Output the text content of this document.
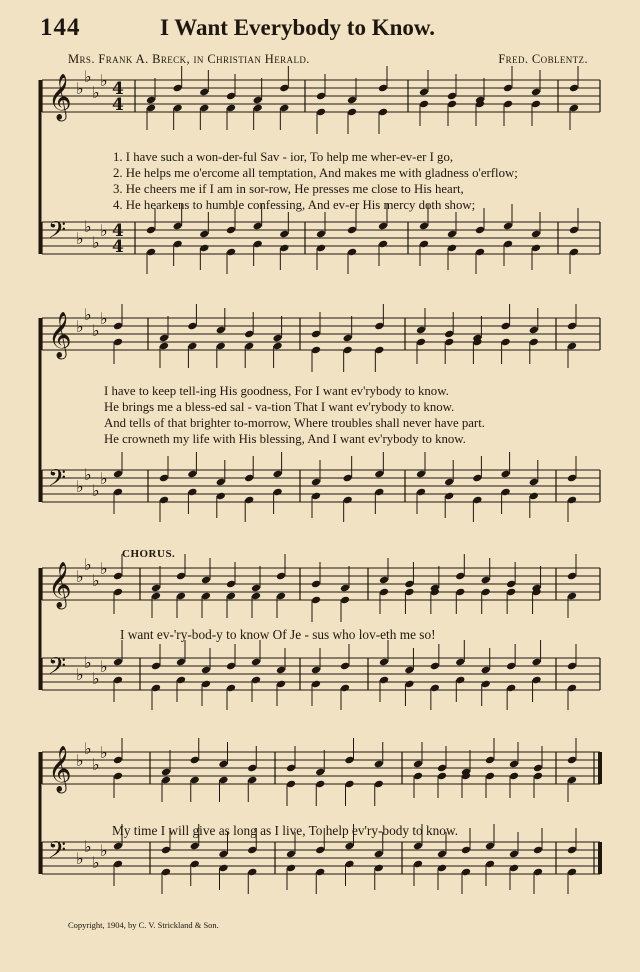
144	I Want Everybody to Know.
Mrs. Frank A. Breck, in Christian Herald.	Fred. Coblentz.
𝄞 ♭
♭
♭
♭ 4
4
𝄢 ♭
♭
♭
♭ 4
4
1. I have such a won-der-ful Sav - ior, To help me wher-ev-er I go,
2. He helps me o'ercome all temptation, And makes me with gladness o'erflow;
3. He cheers me if I am in sor-row, He presses me close to His heart,
4. He hearkens to humble confessing, And ev-er His mercy doth show;
𝄞 ♭
♭
♭
♭
𝄢 ♭
♭
♭
♭
I have to keep tell-ing His goodness, For I want ev'rybody to know.
He brings me a bless-ed sal - va-tion That I want ev'rybody to know.
And tells of that brighter to-morrow, Where troubles shall never have part.
He crowneth my life with His blessing, And I want ev'rybody to know.
CHORUS.
𝄞 ♭
♭
♭
♭
𝄢 ♭
♭
♭
♭
I want ev-'ry-bod-y to know Of Je - sus who lov-eth me so!
𝄞 ♭
♭
♭
♭
𝄢 ♭
♭
♭
♭
My time I will give as long as I live, To help ev'ry-body to know.
Copyright, 1904, by C. V. Strickland & Son.
